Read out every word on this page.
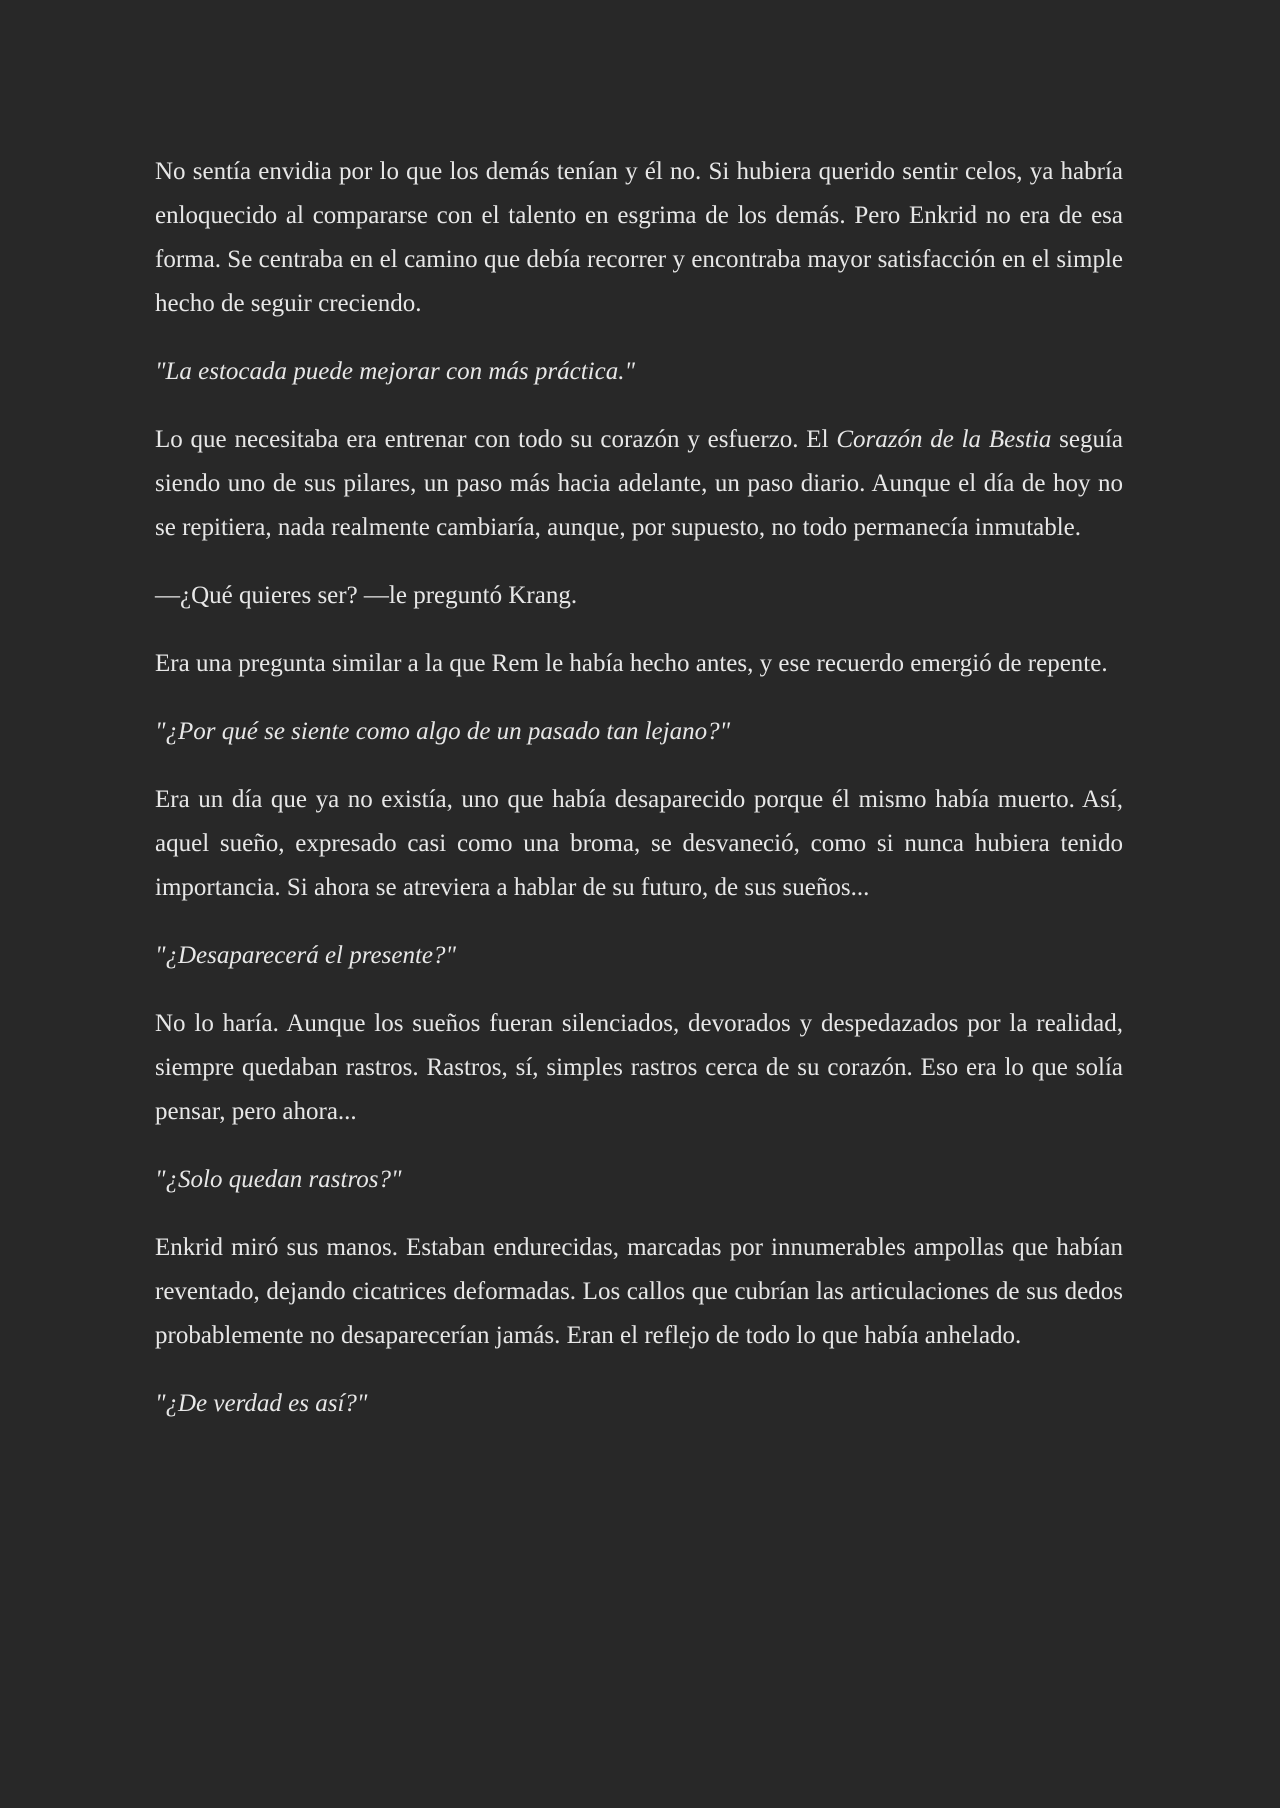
No sentía envidia por lo que los demás tenían y él no. Si hubiera querido sentir celos, ya habría enloquecido al compararse con el talento en esgrima de los demás. Pero Enkrid no era de esa forma. Se centraba en el camino que debía recorrer y encontraba mayor satisfacción en el simple hecho de seguir creciendo.

"La estocada puede mejorar con más práctica."

Lo que necesitaba era entrenar con todo su corazón y esfuerzo. El Corazón de la Bestia seguía siendo uno de sus pilares, un paso más hacia adelante, un paso diario. Aunque el día de hoy no se repitiera, nada realmente cambiaría, aunque, por supuesto, no todo permanecía inmutable.

—¿Qué quieres ser? —le preguntó Krang.

Era una pregunta similar a la que Rem le había hecho antes, y ese recuerdo emergió de repente.

"¿Por qué se siente como algo de un pasado tan lejano?"

Era un día que ya no existía, uno que había desaparecido porque él mismo había muerto. Así, aquel sueño, expresado casi como una broma, se desvaneció, como si nunca hubiera tenido importancia. Si ahora se atreviera a hablar de su futuro, de sus sueños...

"¿Desaparecerá el presente?"

No lo haría. Aunque los sueños fueran silenciados, devorados y despedazados por la realidad, siempre quedaban rastros. Rastros, sí, simples rastros cerca de su corazón. Eso era lo que solía pensar, pero ahora...

"¿Solo quedan rastros?"

Enkrid miró sus manos. Estaban endurecidas, marcadas por innumerables ampollas que habían reventado, dejando cicatrices deformadas. Los callos que cubrían las articulaciones de sus dedos probablemente no desaparecerían jamás. Eran el reflejo de todo lo que había anhelado.

"¿De verdad es así?"
